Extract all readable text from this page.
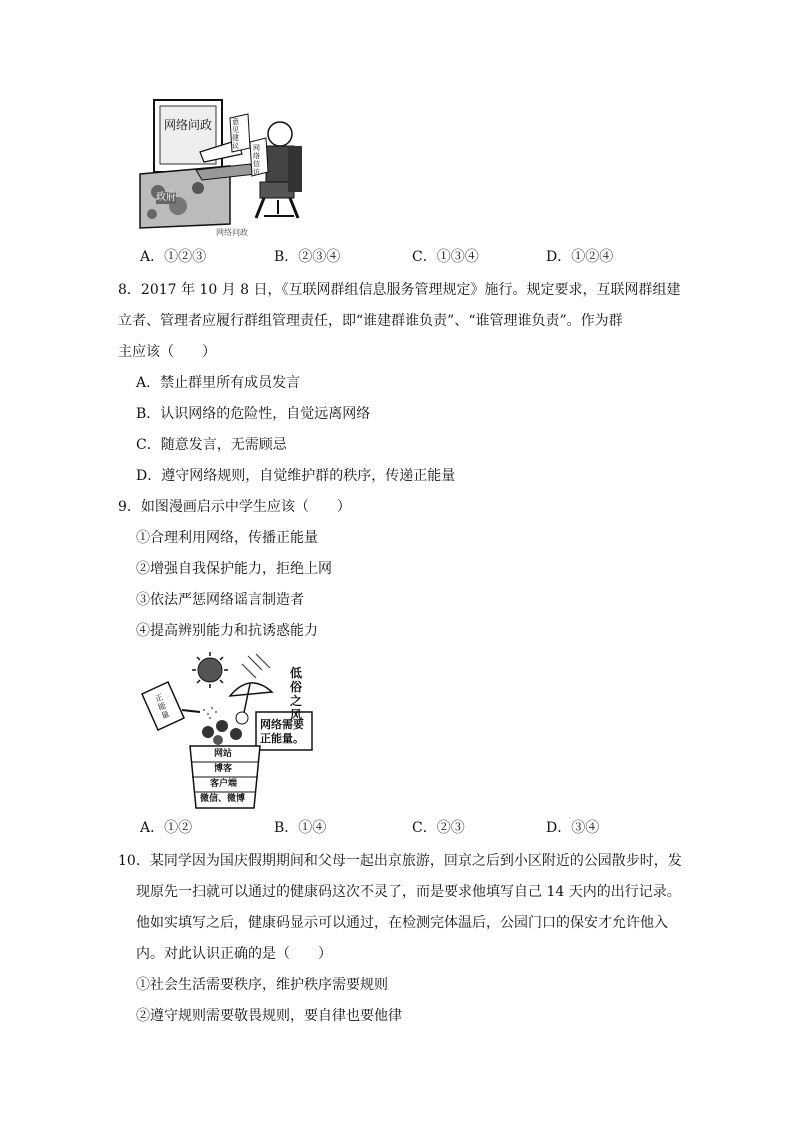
网络问政	意见建议	网络信访
政府
网络问政
A．①②③	B．②③④	C．①③④	D．①②④
8．2017 年 10 月 8 日，《互联网群组信息服务管理规定》施行。规定要求，互联网群组建
立者、管理者应履行群组管理责任，即“谁建群谁负责”、“谁管理谁负责”。作为群
主应该（　　）
A．禁止群里所有成员发言
B．认识网络的危险性，自觉远离网络
C．随意发言，无需顾忌
D．遵守网络规则，自觉维护群的秩序，传递正能量
9．如图漫画启示中学生应该（　　）
①合理利用网络，传播正能量
②增强自我保护能力，拒绝上网
③依法严惩网络谣言制造者
④提高辨别能力和抗诱惑能力
正能量
低俗之风
网络需要正能量。
网站
博客
客户端
微信、微博
A．①②	B．①④	C．②③	D．③④
10．某同学因为国庆假期期间和父母一起出京旅游，回京之后到小区附近的公园散步时，发
现原先一扫就可以通过的健康码这次不灵了，而是要求他填写自己 14 天内的出行记录。
他如实填写之后，健康码显示可以通过，在检测完体温后，公园门口的保安才允许他入
内。对此认识正确的是（　　）
①社会生活需要秩序，维护秩序需要规则
②遵守规则需要敬畏规则，要自律也要他律
